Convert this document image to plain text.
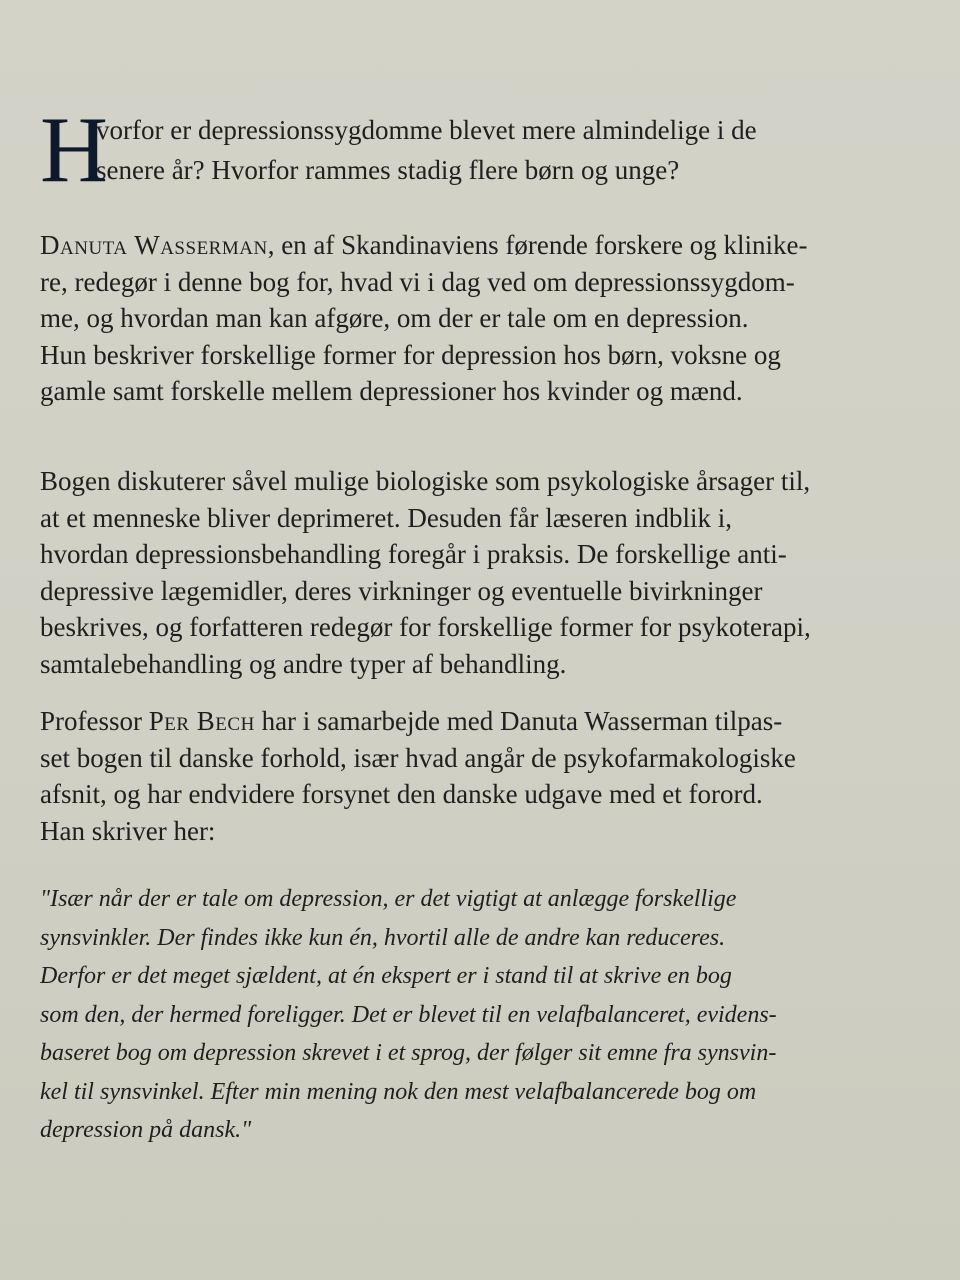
H
vorfor er depressionssygdomme blevet mere almindelige i de
senere år? Hvorfor rammes stadig flere børn og unge?
Danuta Wasserman, en af Skandinaviens førende forskere og klinike-
re, redegør i denne bog for, hvad vi i dag ved om depressionssygdom-
me, og hvordan man kan afgøre, om der er tale om en depression.
Hun beskriver forskellige former for depression hos børn, voksne og
gamle samt forskelle mellem depressioner hos kvinder og mænd.
Bogen diskuterer såvel mulige biologiske som psykologiske årsager til,
at et menneske bliver deprimeret. Desuden får læseren indblik i,
hvordan depressionsbehandling foregår i praksis. De forskellige anti-
depressive lægemidler, deres virkninger og eventuelle bivirkninger
beskrives, og forfatteren redegør for forskellige former for psykoterapi,
samtalebehandling og andre typer af behandling.
Professor Per Bech har i samarbejde med Danuta Wasserman tilpas-
set bogen til danske forhold, især hvad angår de psykofarmakologiske
afsnit, og har endvidere forsynet den danske udgave med et forord.
Han skriver her:
"Især når der er tale om depression, er det vigtigt at anlægge forskellige
synsvinkler. Der findes ikke kun én, hvortil alle de andre kan reduceres.
Derfor er det meget sjældent, at én ekspert er i stand til at skrive en bog
som den, der hermed foreligger. Det er blevet til en velafbalanceret, evidens-
baseret bog om depression skrevet i et sprog, der følger sit emne fra synsvin-
kel til synsvinkel. Efter min mening nok den mest velafbalancerede bog om
depression på dansk."
